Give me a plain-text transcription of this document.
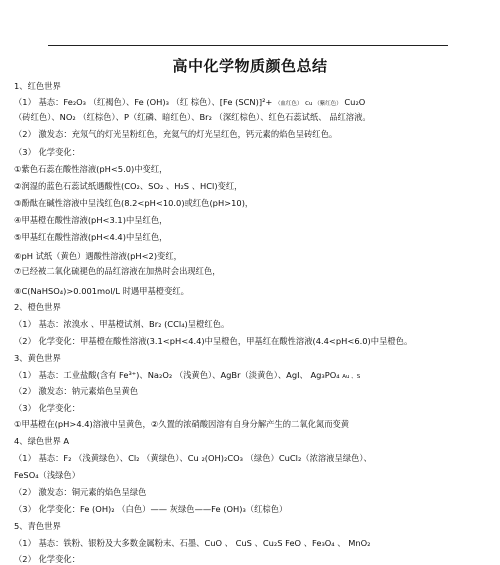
高中化学物质颜色总结
1、红色世界
（1） 基态：Fe₂O₃ （红褐色）、Fe (OH)₃ （红 棕色）、[Fe (SCN)]²+ （血红色） Cu （紫红色） Cu₂O
（砖红色）、NO₂ （红棕色）、P（红磷、暗红色）、Br₂ （深红棕色）、红色石蕊试纸、 品红溶液。
（2） 激发态：充氖气的灯光呈粉红色，充氦气的灯光呈红色，钙元素的焰色呈砖红色。
（3） 化学变化：
①紫色石蕊在酸性溶液(pH<5.0)中变红，
②润湿的蓝色石蕊试纸遇酸性(CO₂、SO₂ 、H₂S 、HCl)变红，
③酚酞在碱性溶液中呈浅红色(8.2<pH<10.0)或红色(pH>10)，
④甲基橙在酸性溶液(pH<3.1)中呈红色，
⑤甲基红在酸性溶液(pH<4.4)中呈红色，
⑥pH 试纸（黄色）遇酸性溶液(pH<2)变红，
⑦已经被二氧化硫褪色的品红溶液在加热时会出现红色，
⑧C(NaHSO₄)>0.001mol/L 时遇甲基橙变红。
2、橙色世界
（1） 基态：浓溴水 、甲基橙试剂、Br₂ (CCl₄)呈橙红色。
（2） 化学变化：甲基橙在酸性溶液(3.1<pH<4.4)中呈橙色，甲基红在酸性溶液(4.4<pH<6.0)中呈橙色。
3、黄色世界
（1） 基态：工业盐酸(含有 Fe³⁺)、Na₂O₂ （浅黄色）、AgBr（淡黄色）、AgI、 Ag₃PO₄ Au 、S
（2） 激发态：钠元素焰色呈黄色
（3） 化学变化：
①甲基橙在(pH>4.4)溶液中呈黄色，②久置的浓硝酸因溶有自身分解产生的二氧化氮而变黄
4、绿色世界 A
（1） 基态：F₂ （浅黄绿色）、Cl₂ （黄绿色）、Cu ₂(OH)₂CO₃ （绿色）CuCl₂（浓溶液呈绿色）、
FeSO₄（浅绿色）
（2） 激发态：铜元素的焰色呈绿色
（3） 化学变化：Fe (OH)₂ （白色）—— 灰绿色——Fe (OH)₃（红棕色）
5、青色世界
（1） 基态：铁粉、银粉及大多数金属粉末、石墨、CuO 、 CuS 、Cu₂S FeO 、Fe₃O₄ 、 MnO₂
（2） 化学变化：
